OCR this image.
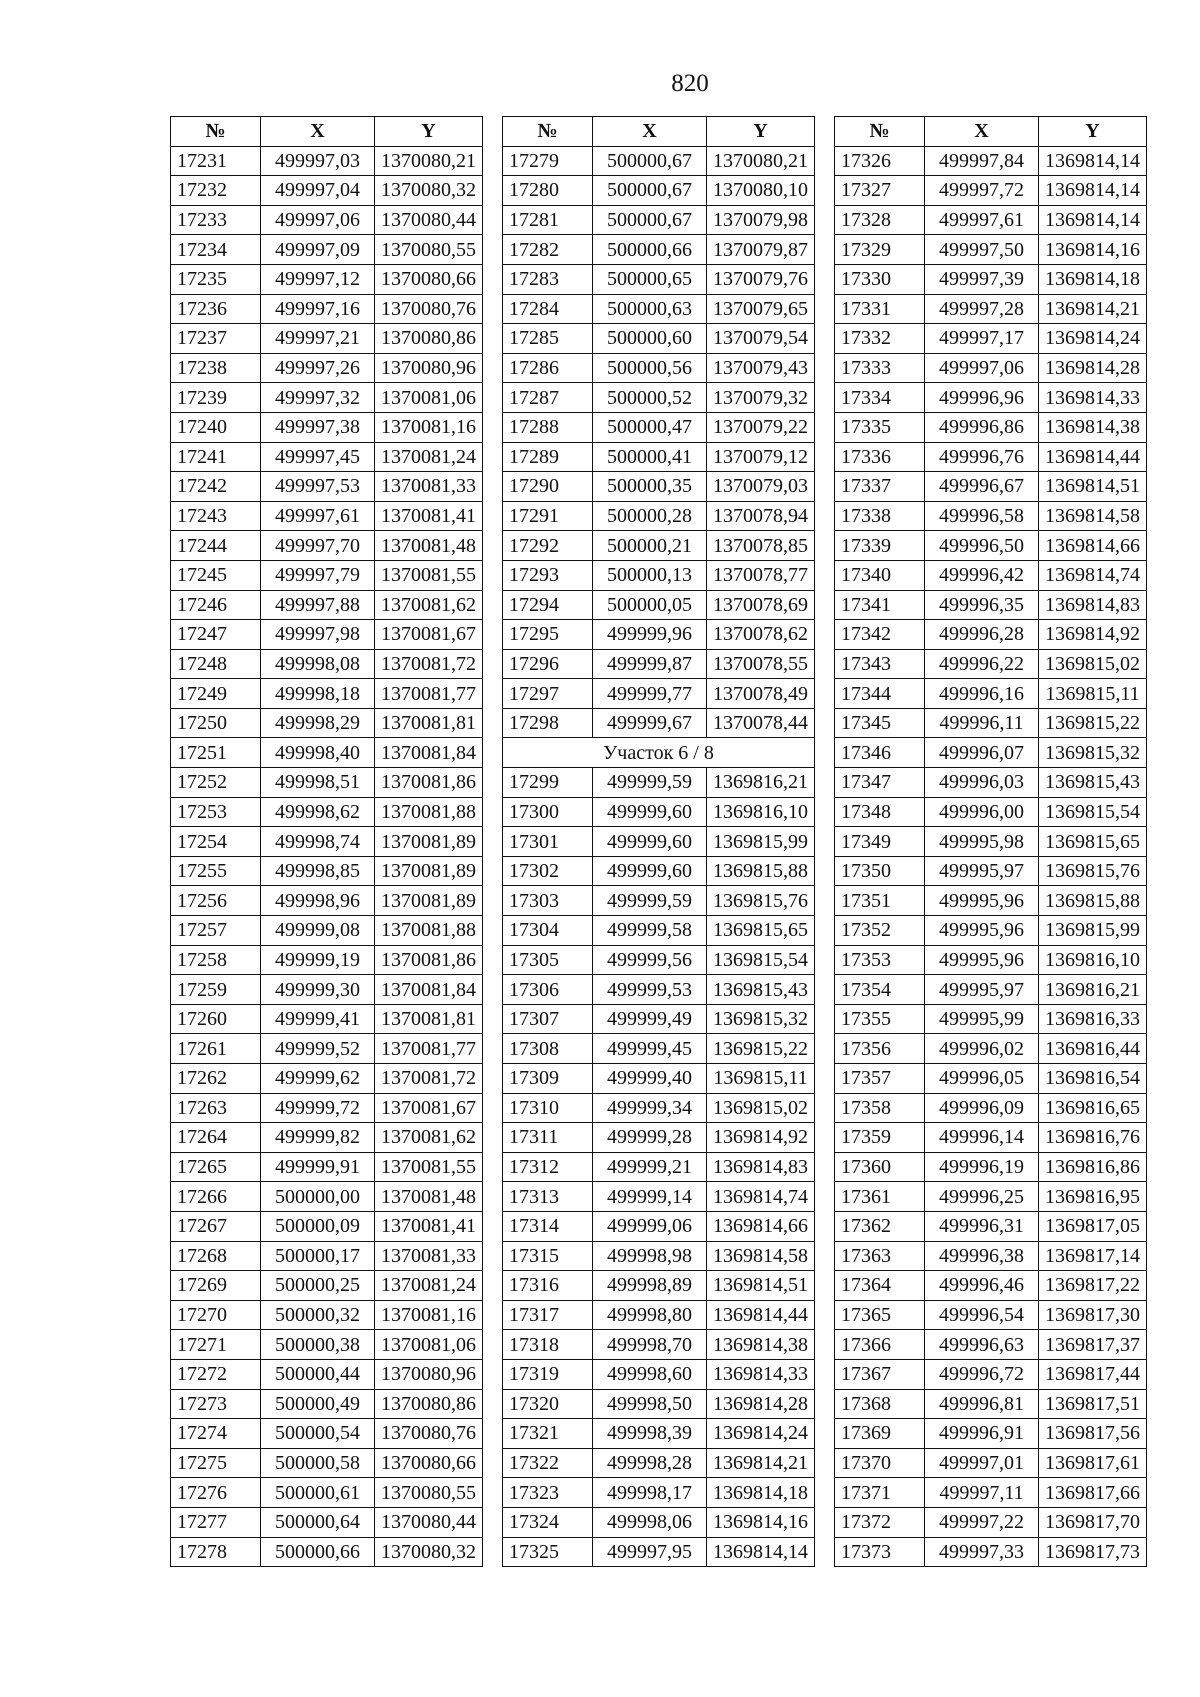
820
№	X	Y
17231	499997,03	1370080,21
17232	499997,04	1370080,32
17233	499997,06	1370080,44
17234	499997,09	1370080,55
17235	499997,12	1370080,66
17236	499997,16	1370080,76
17237	499997,21	1370080,86
17238	499997,26	1370080,96
17239	499997,32	1370081,06
17240	499997,38	1370081,16
17241	499997,45	1370081,24
17242	499997,53	1370081,33
17243	499997,61	1370081,41
17244	499997,70	1370081,48
17245	499997,79	1370081,55
17246	499997,88	1370081,62
17247	499997,98	1370081,67
17248	499998,08	1370081,72
17249	499998,18	1370081,77
17250	499998,29	1370081,81
17251	499998,40	1370081,84
17252	499998,51	1370081,86
17253	499998,62	1370081,88
17254	499998,74	1370081,89
17255	499998,85	1370081,89
17256	499998,96	1370081,89
17257	499999,08	1370081,88
17258	499999,19	1370081,86
17259	499999,30	1370081,84
17260	499999,41	1370081,81
17261	499999,52	1370081,77
17262	499999,62	1370081,72
17263	499999,72	1370081,67
17264	499999,82	1370081,62
17265	499999,91	1370081,55
17266	500000,00	1370081,48
17267	500000,09	1370081,41
17268	500000,17	1370081,33
17269	500000,25	1370081,24
17270	500000,32	1370081,16
17271	500000,38	1370081,06
17272	500000,44	1370080,96
17273	500000,49	1370080,86
17274	500000,54	1370080,76
17275	500000,58	1370080,66
17276	500000,61	1370080,55
17277	500000,64	1370080,44
17278	500000,66	1370080,32
№	X	Y
17279	500000,67	1370080,21
17280	500000,67	1370080,10
17281	500000,67	1370079,98
17282	500000,66	1370079,87
17283	500000,65	1370079,76
17284	500000,63	1370079,65
17285	500000,60	1370079,54
17286	500000,56	1370079,43
17287	500000,52	1370079,32
17288	500000,47	1370079,22
17289	500000,41	1370079,12
17290	500000,35	1370079,03
17291	500000,28	1370078,94
17292	500000,21	1370078,85
17293	500000,13	1370078,77
17294	500000,05	1370078,69
17295	499999,96	1370078,62
17296	499999,87	1370078,55
17297	499999,77	1370078,49
17298	499999,67	1370078,44
Участок 6 / 8		
17299	499999,59	1369816,21
17300	499999,60	1369816,10
17301	499999,60	1369815,99
17302	499999,60	1369815,88
17303	499999,59	1369815,76
17304	499999,58	1369815,65
17305	499999,56	1369815,54
17306	499999,53	1369815,43
17307	499999,49	1369815,32
17308	499999,45	1369815,22
17309	499999,40	1369815,11
17310	499999,34	1369815,02
17311	499999,28	1369814,92
17312	499999,21	1369814,83
17313	499999,14	1369814,74
17314	499999,06	1369814,66
17315	499998,98	1369814,58
17316	499998,89	1369814,51
17317	499998,80	1369814,44
17318	499998,70	1369814,38
17319	499998,60	1369814,33
17320	499998,50	1369814,28
17321	499998,39	1369814,24
17322	499998,28	1369814,21
17323	499998,17	1369814,18
17324	499998,06	1369814,16
17325	499997,95	1369814,14
№	X	Y
17326	499997,84	1369814,14
17327	499997,72	1369814,14
17328	499997,61	1369814,14
17329	499997,50	1369814,16
17330	499997,39	1369814,18
17331	499997,28	1369814,21
17332	499997,17	1369814,24
17333	499997,06	1369814,28
17334	499996,96	1369814,33
17335	499996,86	1369814,38
17336	499996,76	1369814,44
17337	499996,67	1369814,51
17338	499996,58	1369814,58
17339	499996,50	1369814,66
17340	499996,42	1369814,74
17341	499996,35	1369814,83
17342	499996,28	1369814,92
17343	499996,22	1369815,02
17344	499996,16	1369815,11
17345	499996,11	1369815,22
17346	499996,07	1369815,32
17347	499996,03	1369815,43
17348	499996,00	1369815,54
17349	499995,98	1369815,65
17350	499995,97	1369815,76
17351	499995,96	1369815,88
17352	499995,96	1369815,99
17353	499995,96	1369816,10
17354	499995,97	1369816,21
17355	499995,99	1369816,33
17356	499996,02	1369816,44
17357	499996,05	1369816,54
17358	499996,09	1369816,65
17359	499996,14	1369816,76
17360	499996,19	1369816,86
17361	499996,25	1369816,95
17362	499996,31	1369817,05
17363	499996,38	1369817,14
17364	499996,46	1369817,22
17365	499996,54	1369817,30
17366	499996,63	1369817,37
17367	499996,72	1369817,44
17368	499996,81	1369817,51
17369	499996,91	1369817,56
17370	499997,01	1369817,61
17371	499997,11	1369817,66
17372	499997,22	1369817,70
17373	499997,33	1369817,73
